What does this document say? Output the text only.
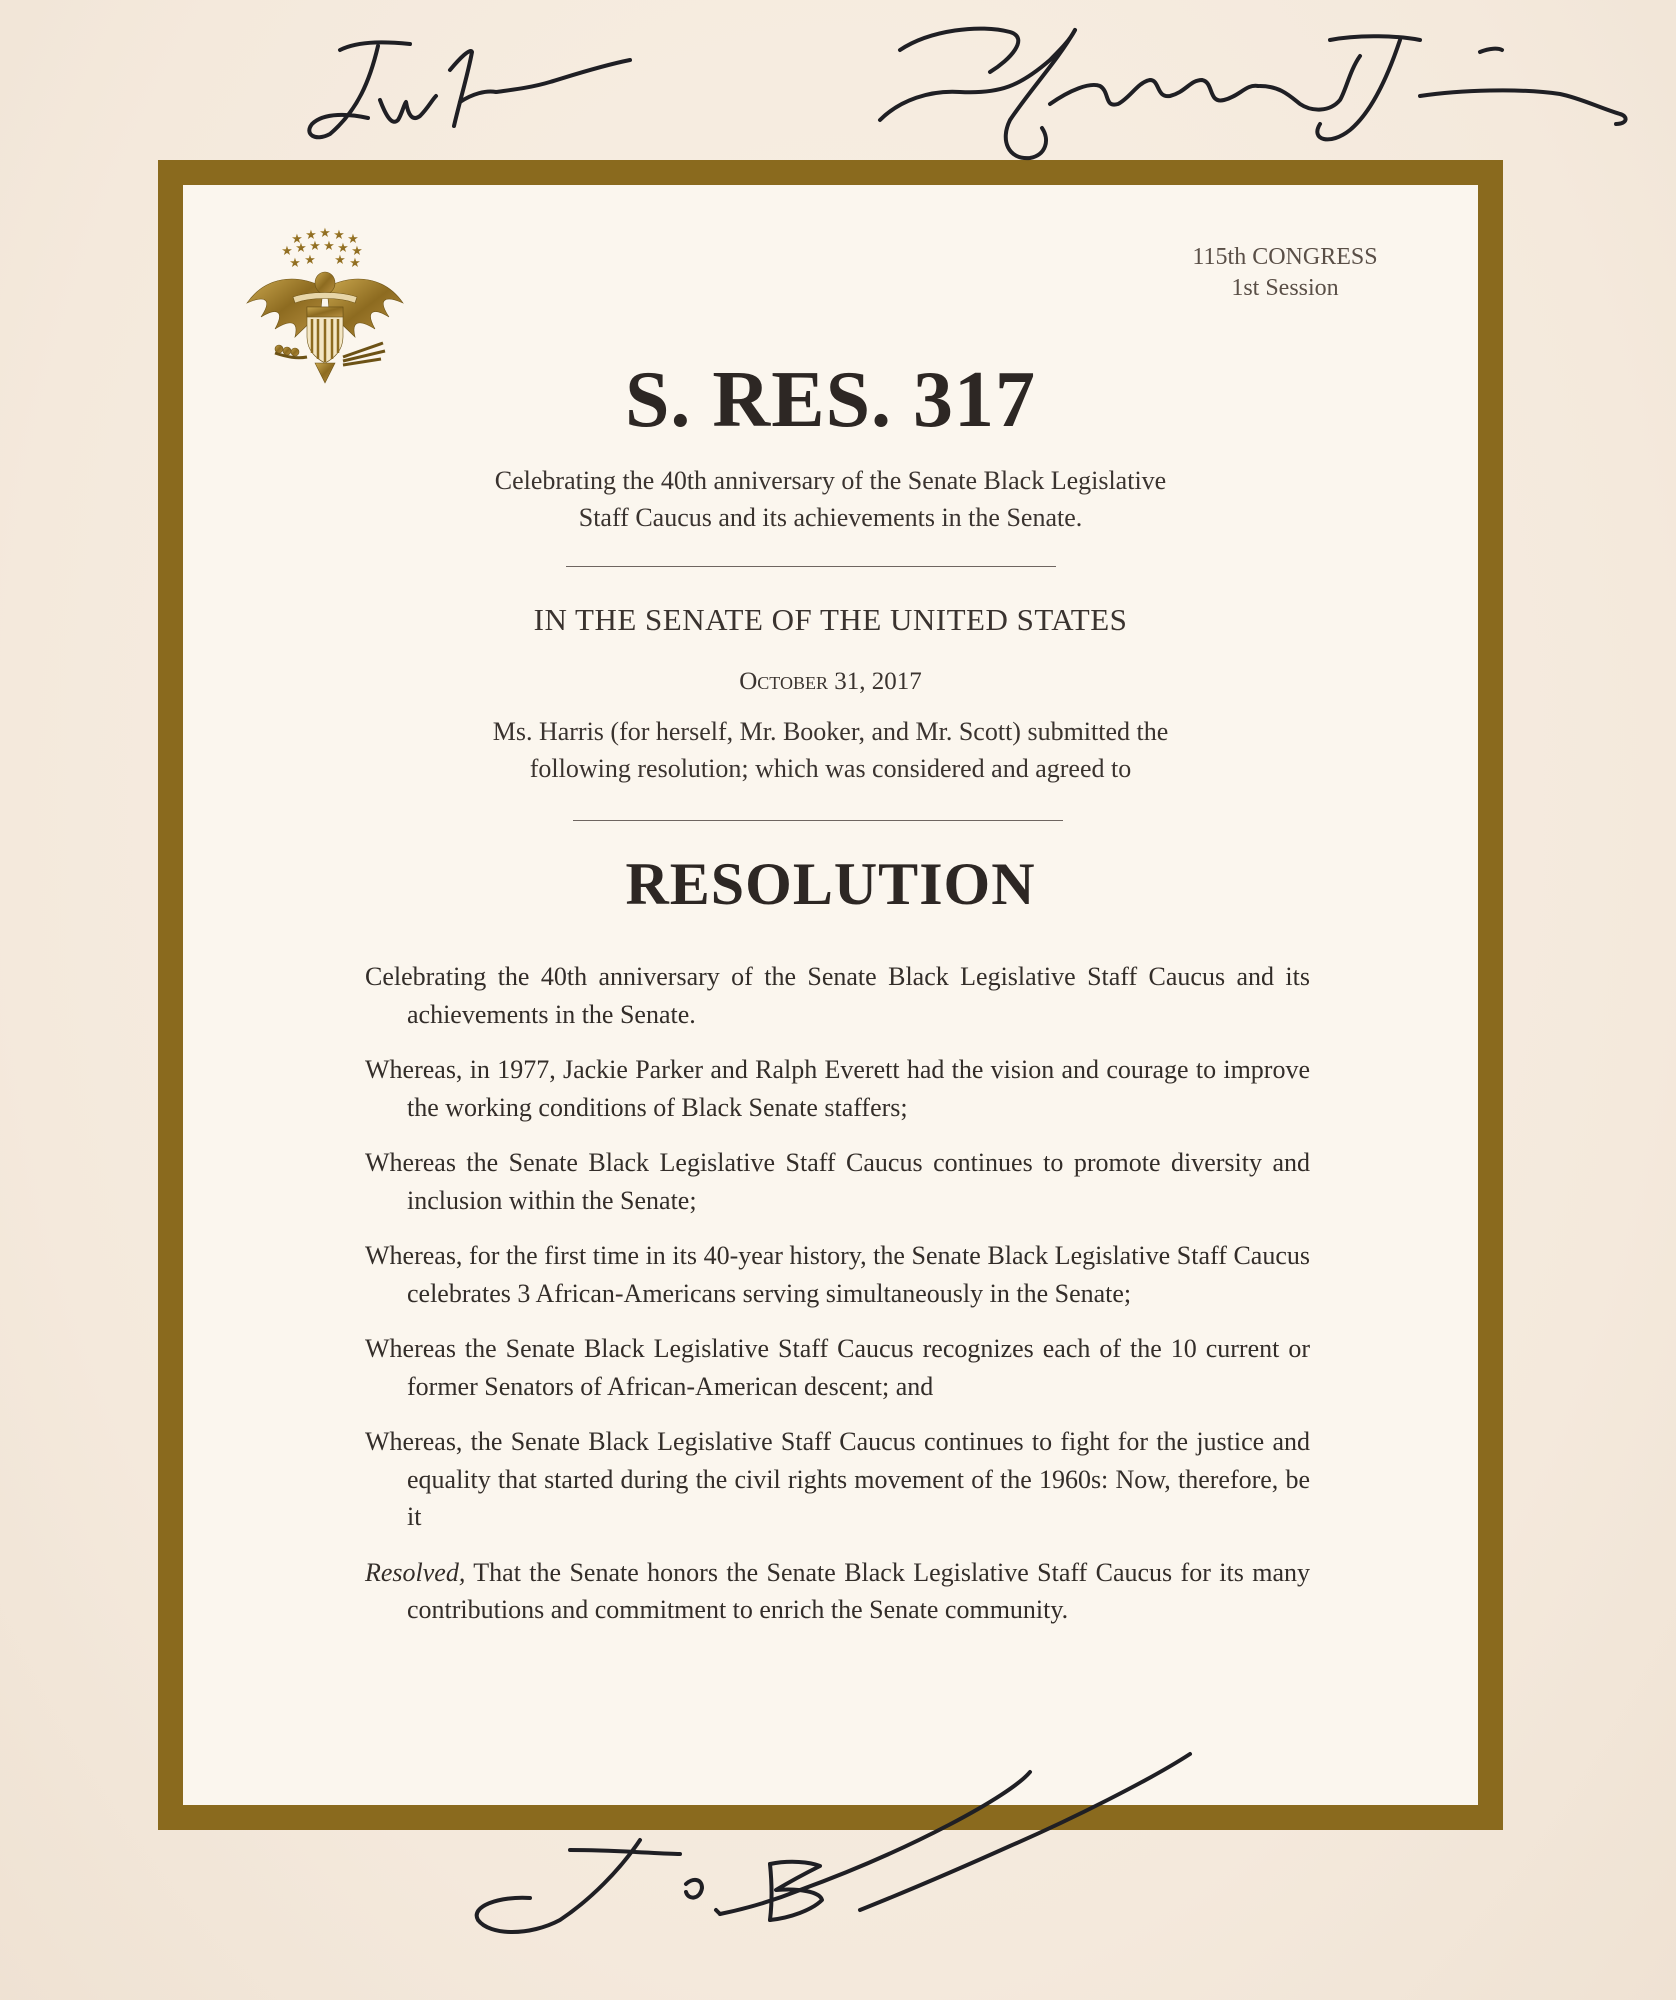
★ ★ ★ ★ ★
★ ★ ★ ★ ★ ★
★ ★ ★ ★	115th CONGRESS
1st Session
S. RES. 317
Celebrating the 40th anniversary of the Senate Black Legislative
Staff Caucus and its achievements in the Senate.
IN THE SENATE OF THE UNITED STATES
October 31, 2017
Ms. Harris (for herself, Mr. Booker, and Mr. Scott) submitted the
following resolution; which was considered and agreed to
RESOLUTION

Celebrating the 40th anniversary of the Senate Black Legislative Staff Caucus and its achievements in the Senate.

Whereas, in 1977, Jackie Parker and Ralph Everett had the vision and courage to improve the working conditions of Black Senate staffers;

Whereas the Senate Black Legislative Staff Caucus continues to promote diversity and inclusion within the Senate;

Whereas, for the first time in its 40-year history, the Senate Black Legislative Staff Caucus celebrates 3 African-Americans serving simultaneously in the Senate;

Whereas the Senate Black Legislative Staff Caucus recognizes each of the 10 current or former Senators of African-American descent; and

Whereas, the Senate Black Legislative Staff Caucus continues to fight for the justice and equality that started during the civil rights movement of the 1960s: Now, therefore, be it

Resolved, That the Senate honors the Senate Black Legislative Staff Caucus for its many contributions and commitment to enrich the Senate community.
